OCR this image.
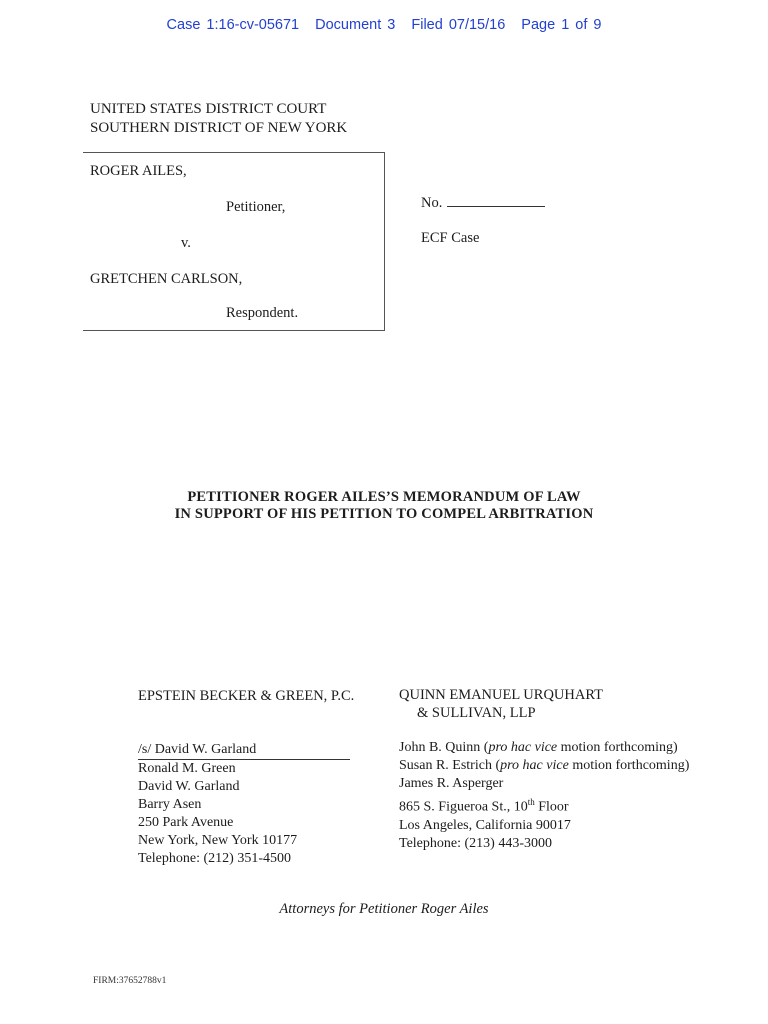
Case 1:16-cv-05671 Document 3 Filed 07/15/16 Page 1 of 9
UNITED STATES DISTRICT COURT
SOUTHERN DISTRICT OF NEW YORK
ROGER AILES,
Petitioner,
v.
GRETCHEN CARLSON,
Respondent.
No.
ECF Case
PETITIONER ROGER AILES’S MEMORANDUM OF LAW
IN SUPPORT OF HIS PETITION TO COMPEL ARBITRATION
EPSTEIN BECKER & GREEN, P.C.
/s/ David W. Garland
Ronald M. Green
David W. Garland
Barry Asen
250 Park Avenue
New York, New York 10177
Telephone: (212) 351-4500
QUINN EMANUEL URQUHART
& SULLIVAN, LLP
John B. Quinn (pro hac vice motion forthcoming)
Susan R. Estrich (pro hac vice motion forthcoming)
James R. Asperger
865 S. Figueroa St., 10th Floor
Los Angeles, California 90017
Telephone: (213) 443-3000
Attorneys for Petitioner Roger Ailes
FIRM:37652788v1
